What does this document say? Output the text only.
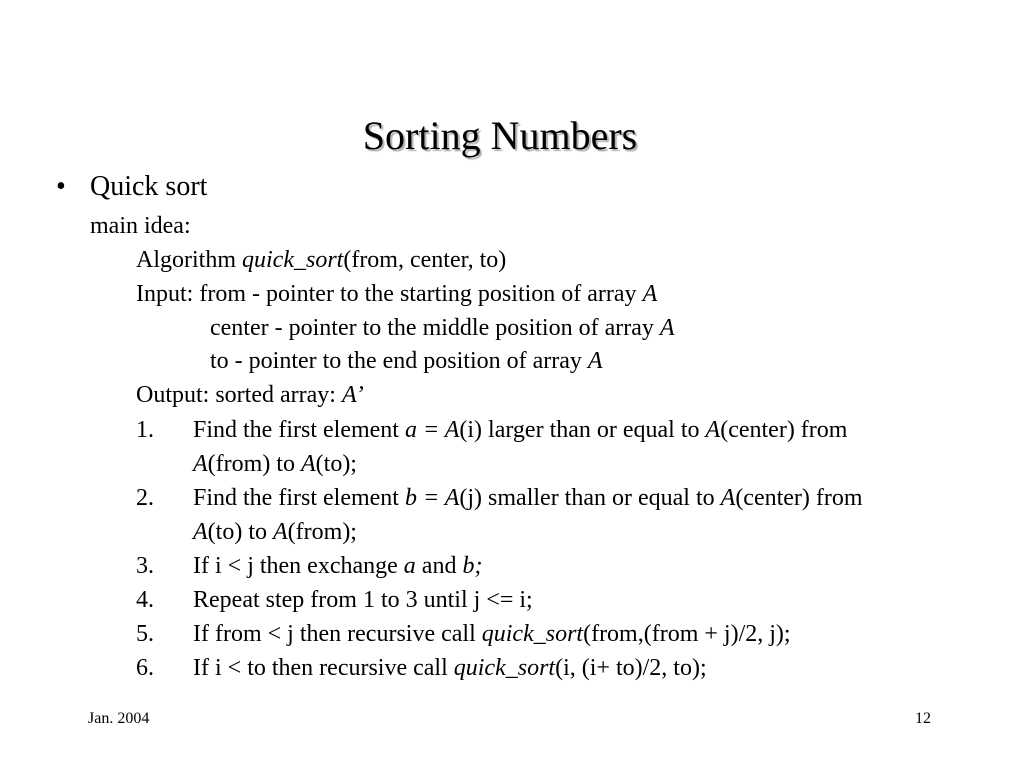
Sorting Numbers
• Quick sort
main idea:
Algorithm quick_sort(from, center, to)
Input: from - pointer to the starting position of array A
center - pointer to the middle position of array A
to - pointer to the end position of array A
Output: sorted array: A’
1. Find the first element a = A(i) larger than or equal to A(center) from
A(from) to A(to);
2. Find the first element b = A(j) smaller than or equal to A(center) from
A(to) to A(from);
3. If i < j then exchange a and b;
4. Repeat step from 1 to 3 until j <= i;
5. If from < j then recursive call quick_sort(from,(from + j)/2, j);
6. If i < to then recursive call quick_sort(i, (i+ to)/2, to);
Jan. 2004	12
